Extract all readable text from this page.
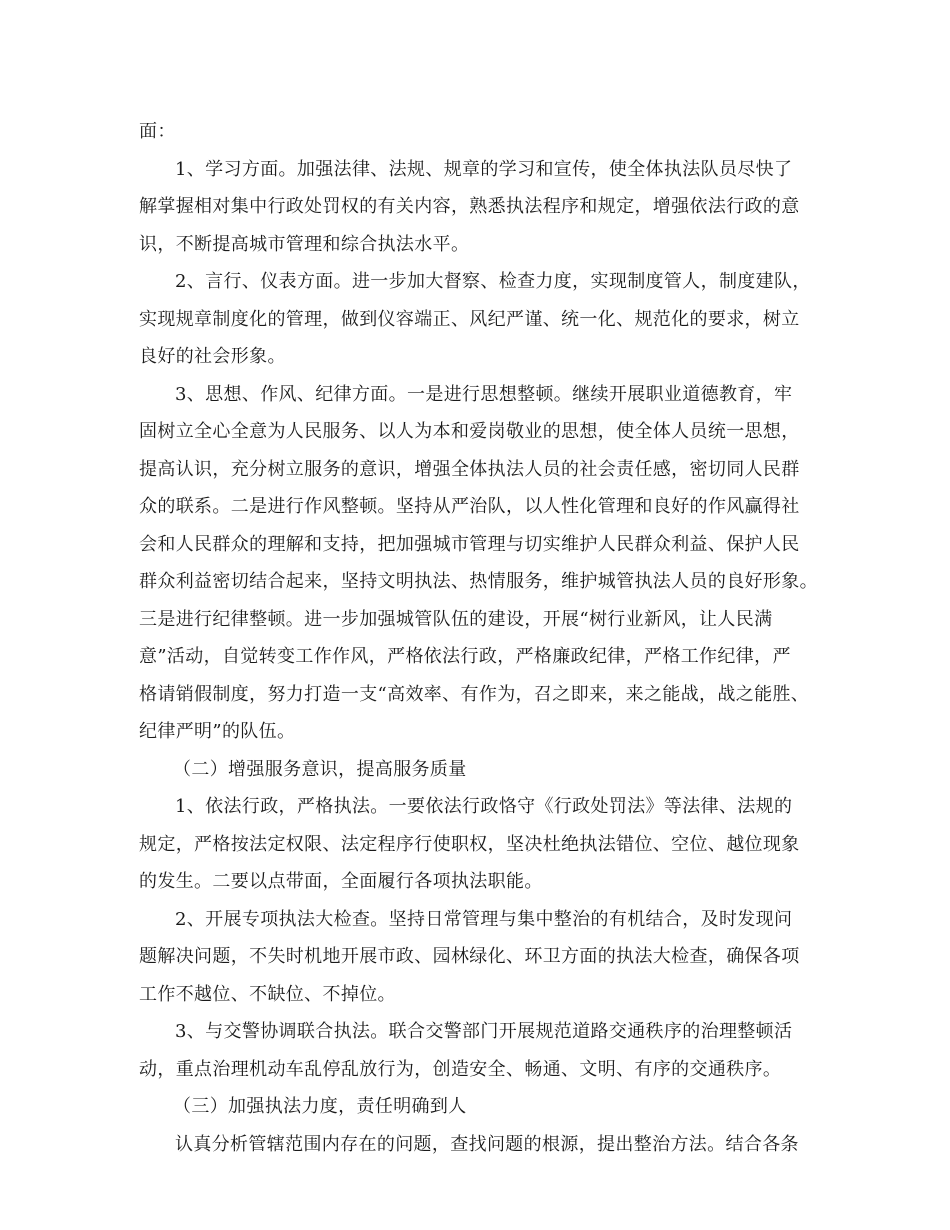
面：
1、学习方面。加强法律、法规、规章的学习和宣传，使全体执法队员尽快了
解掌握相对集中行政处罚权的有关内容，熟悉执法程序和规定，增强依法行政的意
识，不断提高城市管理和综合执法水平。
2、言行、仪表方面。进一步加大督察、检查力度，实现制度管人，制度建队，
实现规章制度化的管理，做到仪容端正、风纪严谨、统一化、规范化的要求，树立
良好的社会形象。
3、思想、作风、纪律方面。一是进行思想整顿。继续开展职业道德教育，牢
固树立全心全意为人民服务、以人为本和爱岗敬业的思想，使全体人员统一思想，
提高认识，充分树立服务的意识，增强全体执法人员的社会责任感，密切同人民群
众的联系。二是进行作风整顿。坚持从严治队，以人性化管理和良好的作风赢得社
会和人民群众的理解和支持，把加强城市管理与切实维护人民群众利益、保护人民
群众利益密切结合起来，坚持文明执法、热情服务，维护城管执法人员的良好形象。
三是进行纪律整顿。进一步加强城管队伍的建设，开展“树行业新风，让人民满
意”活动，自觉转变工作作风，严格依法行政，严格廉政纪律，严格工作纪律，严
格请销假制度，努力打造一支“高效率、有作为，召之即来，来之能战，战之能胜、
纪律严明”的队伍。
（二）增强服务意识，提高服务质量
1、依法行政，严格执法。一要依法行政恪守《行政处罚法》等法律、法规的
规定，严格按法定权限、法定程序行使职权，坚决杜绝执法错位、空位、越位现象
的发生。二要以点带面，全面履行各项执法职能。
2、开展专项执法大检查。坚持日常管理与集中整治的有机结合，及时发现问
题解决问题，不失时机地开展市政、园林绿化、环卫方面的执法大检查，确保各项
工作不越位、不缺位、不掉位。
3、与交警协调联合执法。联合交警部门开展规范道路交通秩序的治理整顿活
动，重点治理机动车乱停乱放行为，创造安全、畅通、文明、有序的交通秩序。
（三）加强执法力度，责任明确到人
认真分析管辖范围内存在的问题，查找问题的根源，提出整治方法。结合各条
